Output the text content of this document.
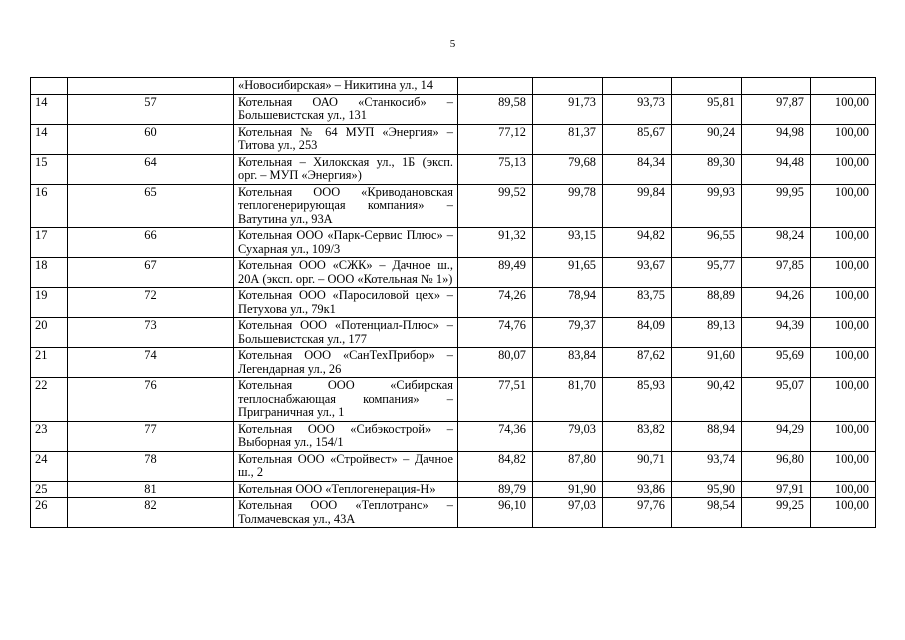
5
		«Новосибирская» – Никитина ул., 14						
14	57	Котельная ОАО «Станкосиб» – Большевистская ул., 131	89,58	91,73	93,73	95,81	97,87	100,00
14	60	Котельная № 64 МУП «Энергия» – Титова ул., 253	77,12	81,37	85,67	90,24	94,98	100,00
15	64	Котельная – Хилокская ул., 1Б (эксп. орг. – МУП «Энергия»)	75,13	79,68	84,34	89,30	94,48	100,00
16	65	Котельная ООО «Криводановская теплогенерирующая компания» – Ватутина ул., 93А	99,52	99,78	99,84	99,93	99,95	100,00
17	66	Котельная ООО «Парк-Сервис Плюс» – Сухарная ул., 109/3	91,32	93,15	94,82	96,55	98,24	100,00
18	67	Котельная ООО «СЖК» – Дачное ш., 20А (эксп. орг. – ООО «Котельная № 1»)	89,49	91,65	93,67	95,77	97,85	100,00
19	72	Котельная ООО «Паросиловой цех» – Петухова ул., 79к1	74,26	78,94	83,75	88,89	94,26	100,00
20	73	Котельная ООО «Потенциал-Плюс» – Большевистская ул., 177	74,76	79,37	84,09	89,13	94,39	100,00
21	74	Котельная ООО «СанТехПрибор» – Легендарная ул., 26	80,07	83,84	87,62	91,60	95,69	100,00
22	76	Котельная ООО «Сибирская теплоснабжающая компания» – Приграничная ул., 1	77,51	81,70	85,93	90,42	95,07	100,00
23	77	Котельная ООО «Сибэкострой» – Выборная ул., 154/1	74,36	79,03	83,82	88,94	94,29	100,00
24	78	Котельная ООО «Стройвест» – Дачное ш., 2	84,82	87,80	90,71	93,74	96,80	100,00
25	81	Котельная ООО «Теплогенерация-Н»	89,79	91,90	93,86	95,90	97,91	100,00
26	82	Котельная ООО «Теплотранс» – Толмачевская ул., 43А	96,10	97,03	97,76	98,54	99,25	100,00
